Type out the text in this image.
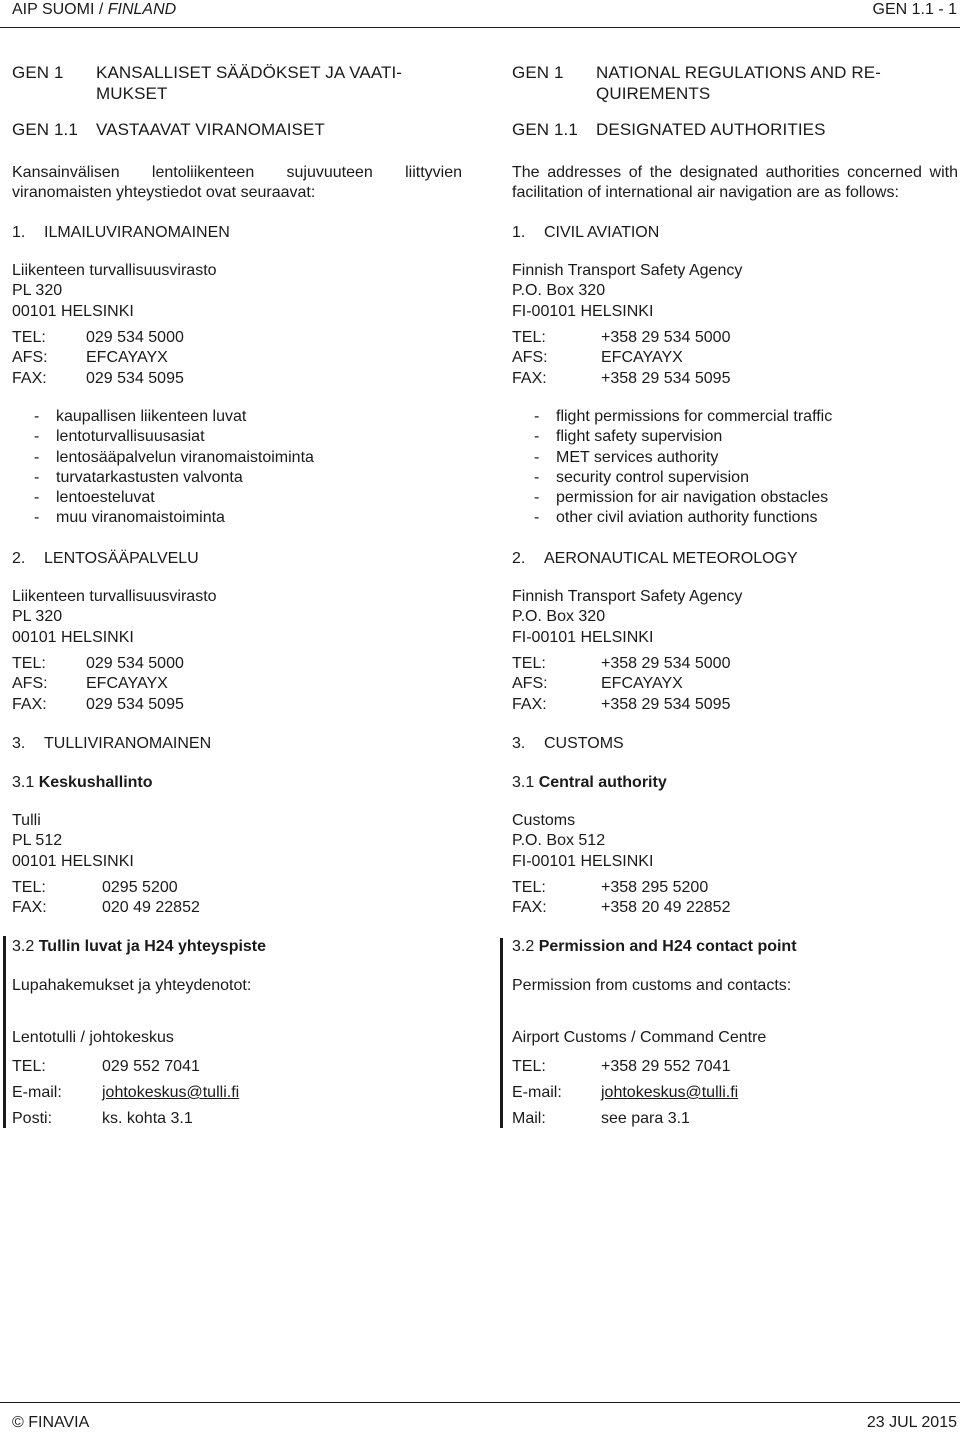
AIP SUOMI / FINLAND	GEN 1.1 - 1
GEN 1 KANSALLISET SÄÄDÖKSET JA VAATI-
MUKSET
GEN 1.1 VASTAAVAT VIRANOMAISET
Kansainvälisen lentoliikenteen sujuvuuteen liittyvien viranomaisten yhteystiedot ovat seuraavat:
1. ILMAILUVIRANOMAINEN
Liikenteen turvallisuusvirasto
PL 320
00101 HELSINKI
TEL:	029 534 5000
AFS: EFCAYAYX
FAX: 029 534 5095
- kaupallisen liikenteen luvat
- lentoturvallisuusasiat
- lentosääpalvelun viranomaistoiminta
- turvatarkastusten valvonta
- lentoesteluvat
- muu viranomaistoiminta
2. LENTOSÄÄPALVELU
Liikenteen turvallisuusvirasto
PL 320
00101 HELSINKI
TEL:	029 534 5000
AFS: EFCAYAYX
FAX: 029 534 5095
3. TULLIVIRANOMAINEN
3.1 Keskushallinto
Tulli
PL 512
00101 HELSINKI
TEL:	0295 5200
FAX:	020 49 22852
3.2 Tullin luvat ja H24 yhteyspiste
Lupahakemukset ja yhteydenotot:
Lentotulli / johtokeskus
TEL:	029 552 7041
E-mail:	johtokeskus@tulli.fi
Posti:	ks. kohta 3.1
GEN 1 NATIONAL REGULATIONS AND RE-
QUIREMENTS
GEN 1.1 DESIGNATED AUTHORITIES
The addresses of the designated authorities concerned with facilitation of international air navigation are as follows:
1. CIVIL AVIATION
Finnish Transport Safety Agency
P.O. Box 320
FI-00101 HELSINKI
TEL:	+358 29 534 5000
AFS:	EFCAYAYX
FAX:	+358 29 534 5095
- flight permissions for commercial traffic
- flight safety supervision
- MET services authority
- security control supervision
- permission for air navigation obstacles
- other civil aviation authority functions
2. AERONAUTICAL METEOROLOGY
Finnish Transport Safety Agency
P.O. Box 320
FI-00101 HELSINKI
TEL:	+358 29 534 5000
AFS:	EFCAYAYX
FAX:	+358 29 534 5095
3. CUSTOMS
3.1 Central authority
Customs
P.O. Box 512
FI-00101 HELSINKI
TEL:	+358 295 5200
FAX:	+358 20 49 22852
3.2 Permission and H24 contact point
Permission from customs and contacts:
Airport Customs / Command Centre
TEL:	+358 29 552 7041
E-mail: johtokeskus@tulli.fi
Mail:	see para 3.1
© FINAVIA	23 JUL 2015
